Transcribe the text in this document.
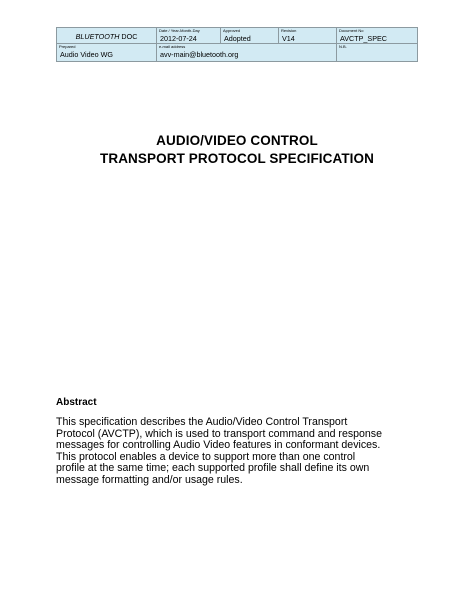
BLUETOOTH DOC
Date / Year-Month-Day
2012-07-24
Approved
Adopted
Revision
V14
Document No
AVCTP_SPEC
Prepared
Audio Video WG
e-mail address
avv-main@bluetooth.org
N.B.
AUDIO/VIDEO CONTROL
TRANSPORT PROTOCOL SPECIFICATION
Abstract
This specification describes the Audio/Video Control Transport
Protocol (AVCTP), which is used to transport command and response
messages for controlling Audio Video features in conformant devices.
This protocol enables a device to support more than one control
profile at the same time; each supported profile shall define its own
message formatting and/or usage rules.
